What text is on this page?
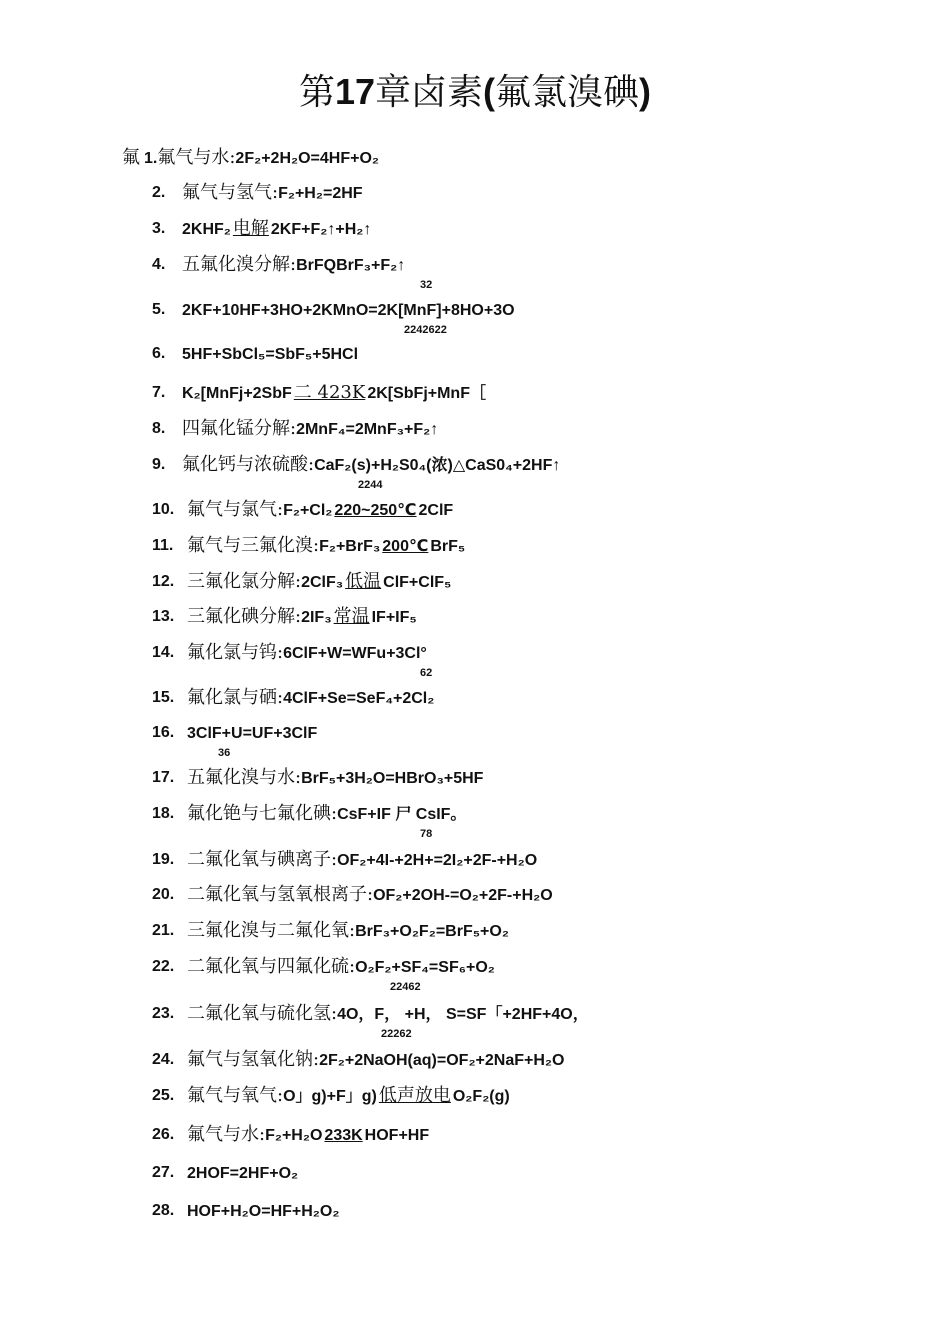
第17章卤素(氟氯溴碘)
氟 1.氟气与水:2F₂+2H₂O=4HF+O₂
2. 氟气与氢气:F₂+H₂=2HF
3. 2KHF₂ 电解 2KF+F₂↑+H₂↑
4. 五氟化溴分解:BrFQBrF₃+F₂↑
32
5. 2KF+10HF+3HO+2KMnO=2K[MnF]+8HO+3O
2242622
6. 5HF+SbCl₅=SbF₅+5HCl
7. K₂[MnFj+2SbF 二 423K 2K[SbFj+MnF［
8. 四氟化锰分解:2MnF₄=2MnF₃+F₂↑
9. 氟化钙与浓硫酸:CaF₂(s)+H₂S0₄(浓)△CaS0₄+2HF↑
2244
10. 氟气与氯气:F₂+Cl₂ 220~250℃ 2ClF
11. 氟气与三氟化溴:F₂+BrF₃ 200℃ BrF₅
12. 三氟化氯分解:2ClF₃ 低温 ClF+ClF₅
13. 三氟化碘分解:2IF₃ 常温 IF+IF₅
14. 氟化氯与钨:6ClF+W=WFu+3Cl°
62
15. 氟化氯与硒:4ClF+Se=SeF₄+2Cl₂
16. 3ClF+U=UF+3ClF
36
17. 五氟化溴与水:BrF₅+3H₂O=HBrO₃+5HF
18. 氟化铯与七氟化碘:CsF+IF 尸 CsIF。
78
19. 二氟化氧与碘离子:OF₂+4I-+2H+=2I₂+2F-+H₂O
20. 二氟化氧与氢氧根离子:OF₂+2OH-=O₂+2F-+H₂O
21. 三氟化溴与二氟化氧:BrF₃+O₂F₂=BrF₅+O₂
22. 二氟化氧与四氟化硫:O₂F₂+SF₄=SF₆+O₂
22462
23. 二氟化氧与硫化氢:4O，F， +H， S=SF「+2HF+4O，
22262
24. 氟气与氢氧化钠:2F₂+2NaOH(aq)=OF₂+2NaF+H₂O
25. 氟气与氧气:O」g)+F」g) 低声放电 O₂F₂(g)
26. 氟气与水:F₂+H₂O 233K HOF+HF
27. 2HOF=2HF+O₂
28. HOF+H₂O=HF+H₂O₂
